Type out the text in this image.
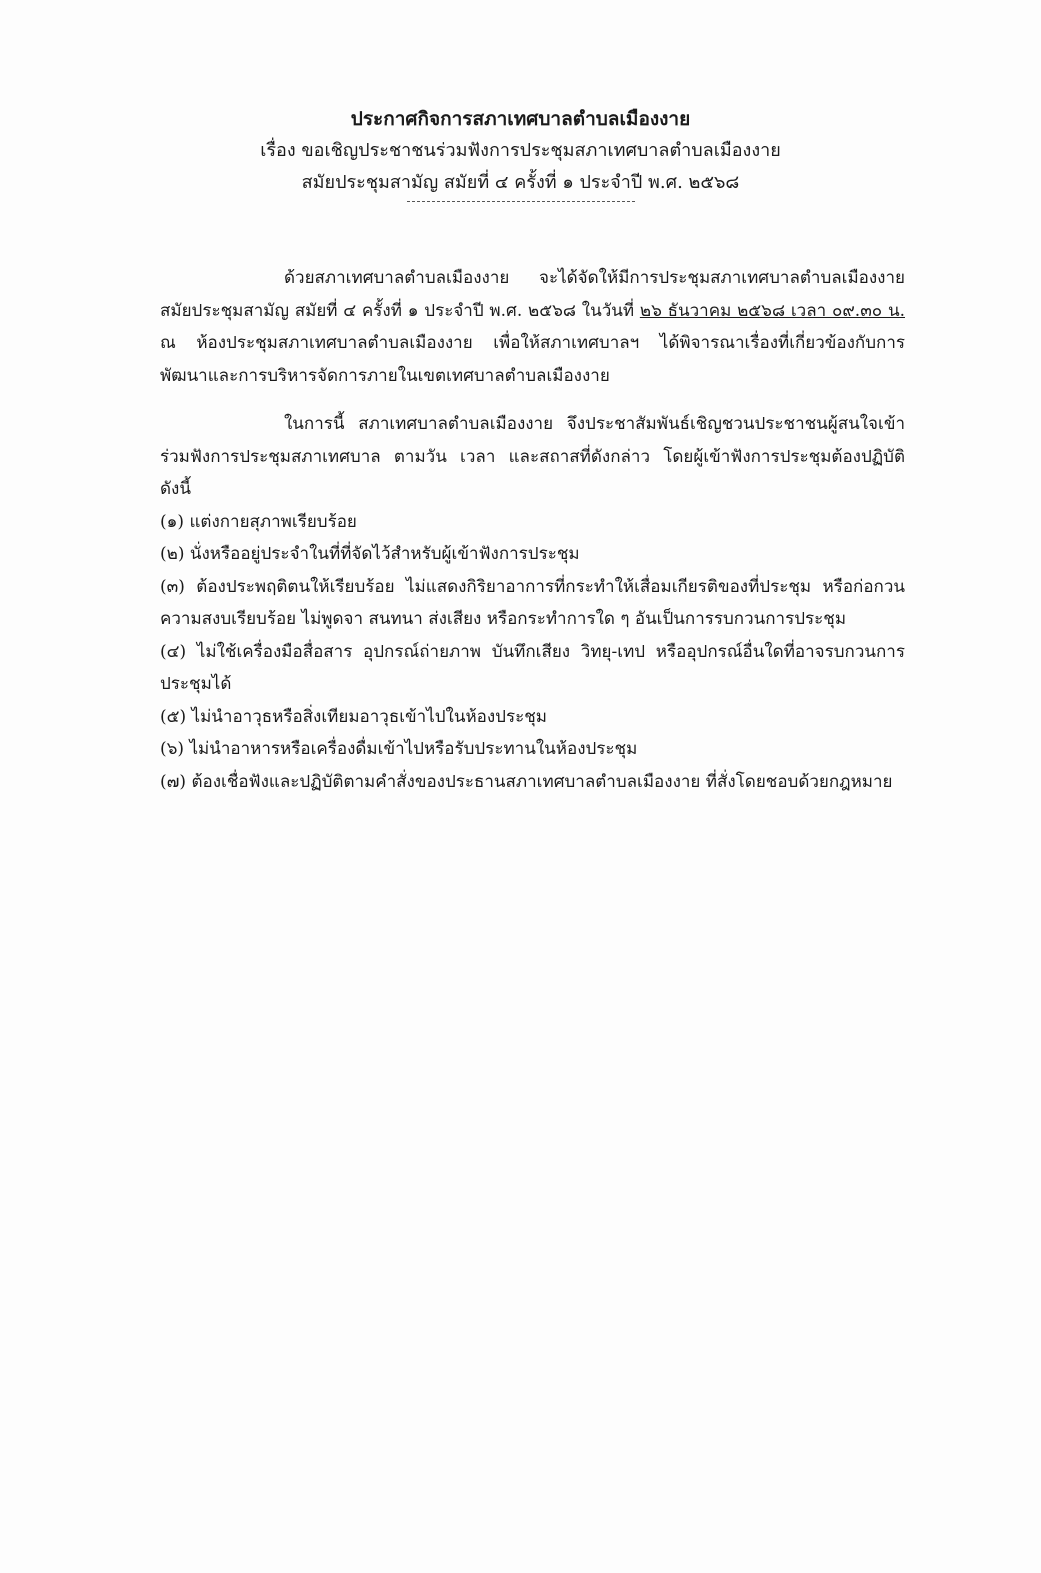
ประกาศกิจการสภาเทศบาลตำบลเมืองงาย

เรื่อง ขอเชิญประชาชนร่วมฟังการประชุมสภาเทศบาลตำบลเมืองงาย

สมัยประชุมสามัญ สมัยที่ ๔ ครั้งที่ ๑ ประจำปี พ.ศ. ๒๕๖๘

ด้วยสภาเทศบาลตำบลเมืองงาย จะได้จัดให้มีการประชุมสภาเทศบาลตำบลเมืองงาย สมัยประชุมสามัญ สมัยที่ ๔ ครั้งที่ ๑ ประจำปี พ.ศ. ๒๕๖๘ ในวันที่ ๒๖ ธันวาคม ๒๕๖๘ เวลา ๐๙.๓๐ น. ณ ห้องประชุมสภาเทศบาลตำบลเมืองงาย เพื่อให้สภาเทศบาลฯ ได้พิจารณาเรื่องที่เกี่ยวข้องกับการพัฒนาและการบริหารจัดการภายในเขตเทศบาลตำบลเมืองงาย

ในการนี้ สภาเทศบาลตำบลเมืองงาย จึงประชาสัมพันธ์เชิญชวนประชาชนผู้สนใจเข้าร่วมฟังการประชุมสภาเทศบาล ตามวัน เวลา และสถาสที่ดังกล่าว โดยผู้เข้าฟังการประชุมต้องปฏิบัติ ดังนี้

(๑) แต่งกายสุภาพเรียบร้อย

(๒) นั่งหรืออยู่ประจำในที่ที่จัดไว้สำหรับผู้เข้าฟังการประชุม

(๓) ต้องประพฤติตนให้เรียบร้อย ไม่แสดงกิริยาอาการที่กระทำให้เสื่อมเกียรติของที่ประชุม หรือก่อกวนความสงบเรียบร้อย ไม่พูดจา สนทนา ส่งเสียง หรือกระทำการใด ๆ อันเป็นการรบกวนการประชุม

(๔) ไม่ใช้เครื่องมือสื่อสาร อุปกรณ์ถ่ายภาพ บันทึกเสียง วิทยุ-เทป หรืออุปกรณ์อื่นใดที่อาจรบกวนการประชุมได้

(๕) ไม่นำอาวุธหรือสิ่งเทียมอาวุธเข้าไปในห้องประชุม

(๖) ไม่นำอาหารหรือเครื่องดื่มเข้าไปหรือรับประทานในห้องประชุม

(๗) ต้องเชื่อฟังและปฏิบัติตามคำสั่งของประธานสภาเทศบาลตำบลเมืองงาย ที่สั่งโดยชอบด้วยกฎหมาย
